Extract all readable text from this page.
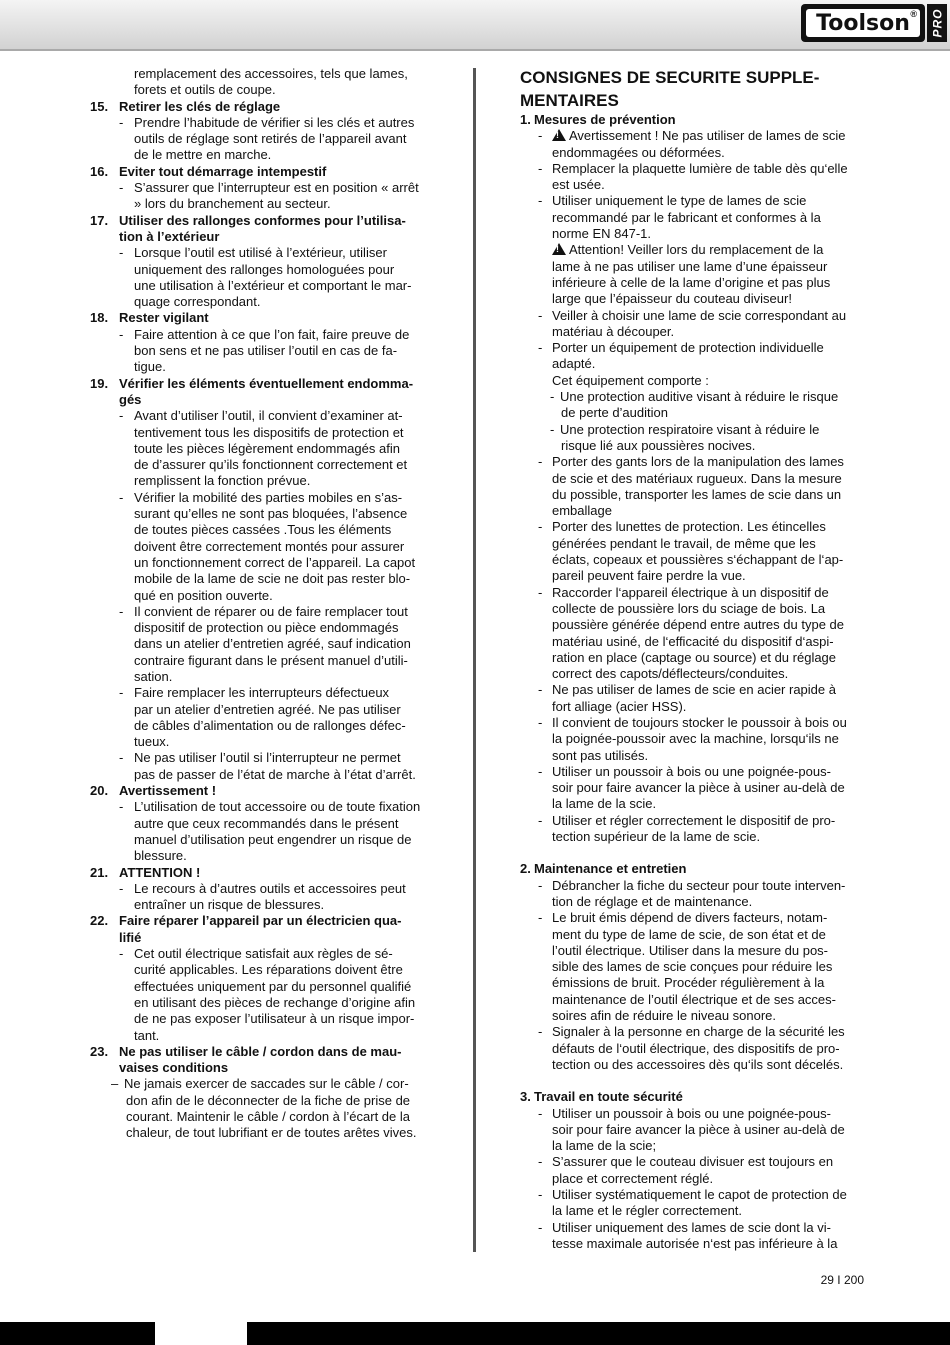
Toolson ® PRO
remplacement des accessoires, tels que lames,
forets et outils de coupe.
15. Retirer les clés de réglage
- Prendre l’habitude de vérifier si les clés et autres
outils de réglage sont retirés de l’appareil avant
de le mettre en marche.
16. Eviter tout démarrage intempestif
- S’assurer que l’interrupteur est en position « arrêt
» lors du branchement au secteur.
17. Utiliser des rallonges conformes pour l’utilisa-
tion à l’extérieur
- Lorsque l’outil est utilisé à l’extérieur, utiliser
uniquement des rallonges homologuées pour
une utilisation à l’extérieur et comportant le mar-
quage correspondant.
18. Rester vigilant
- Faire attention à ce que l’on fait, faire preuve de
bon sens et ne pas utiliser l’outil en cas de fa-
tigue.
19. Vérifier les éléments éventuellement endomma-
gés
- Avant d’utiliser l’outil, il convient d’examiner at-
tentivement tous les dispositifs de protection et
toute les pièces légèrement endommagés afin
de d’assurer qu’ils fonctionnent correctement et
remplissent la fonction prévue.
- Vérifier la mobilité des parties mobiles en s’as-
surant qu’elles ne sont pas bloquées, l’absence
de toutes pièces cassées .Tous les éléments
doivent être correctement montés pour assurer
un fonctionnement correct de l’appareil. La capot
mobile de la lame de scie ne doit pas rester blo-
qué en position ouverte.
- Il convient de réparer ou de faire remplacer tout
dispositif de protection ou pièce endommagés
dans un atelier d’entretien agréé, sauf indication
contraire figurant dans le présent manuel d’utili-
sation.
- Faire remplacer les interrupteurs défectueux
par un atelier d’entretien agréé. Ne pas utiliser
de câbles d’alimentation ou de rallonges défec-
tueux.
- Ne pas utiliser l’outil si l’interrupteur ne permet
pas de passer de l’état de marche à l’état d’arrêt.
20. Avertissement !
- L’utilisation de tout accessoire ou de toute fixation
autre que ceux recommandés dans le présent
manuel d’utilisation peut engendrer un risque de
blessure.
21. ATTENTION !
- Le recours à d’autres outils et accessoires peut
entraîner un risque de blessures.
22. Faire réparer l’appareil par un électricien qua-
lifié
- Cet outil électrique satisfait aux règles de sé-
curité applicables. Les réparations doivent être
effectuées uniquement par du personnel qualifié
en utilisant des pièces de rechange d’origine afin
de ne pas exposer l’utilisateur à un risque impor-
tant.
23. Ne pas utiliser le câble / cordon dans de mau-
vaises conditions
– Ne jamais exercer de saccades sur le câble / cor-
don afin de le déconnecter de la fiche de prise de
courant. Maintenir le câble / cordon à l’écart de la
chaleur, de tout lubrifiant er de toutes arêtes vives.
CONSIGNES DE SECURITE SUPPLE-
MENTAIRES
1. Mesures de prévention
-
!	Avertissement ! Ne pas utiliser de lames de scie
endommagées ou déformées.
- Remplacer la plaquette lumière de table dès qu‘elle
est usée.
- Utiliser uniquement le type de lames de scie
recommandé par le fabricant et conformes à la
norme EN 847-1.
!Attention! Veiller lors du remplacement de la
lame à ne pas utiliser une lame d’une épaisseur
inférieure à celle de la lame d’origine et pas plus
large que l’épaisseur du couteau diviseur!
- Veiller à choisir une lame de scie correspondant au
matériau à découper.
- Porter un équipement de protection individuelle
adapté.
Cet équipement comporte :
- Une protection auditive visant à réduire le risque
de perte d’audition
- Une protection respiratoire visant à réduire le
risque lié aux poussières nocives.
- Porter des gants lors de la manipulation des lames
de scie et des matériaux rugueux. Dans la mesure
du possible, transporter les lames de scie dans un
emballage
- Porter des lunettes de protection. Les étincelles
générées pendant le travail, de même que les
éclats, copeaux et poussières s‘échappant de l‘ap-
pareil peuvent faire perdre la vue.
- Raccorder l‘appareil électrique à un dispositif de
collecte de poussière lors du sciage de bois. La
poussière générée dépend entre autres du type de
matériau usiné, de l‘efficacité du dispositif d‘aspi-
ration en place (captage ou source) et du réglage
correct des capots/déflecteurs/conduites.
- Ne pas utiliser de lames de scie en acier rapide à
fort alliage (acier HSS).
- Il convient de toujours stocker le poussoir à bois ou
la poignée-poussoir avec la machine, lorsqu‘ils ne
sont pas utilisés.
- Utiliser un poussoir à bois ou une poignée-pous-
soir pour faire avancer la pièce à usiner au-delà de
la lame de la scie.
- Utiliser et régler correctement le dispositif de pro-
tection supérieur de la lame de scie.
2. Maintenance et entretien
- Débrancher la fiche du secteur pour toute interven-
tion de réglage et de maintenance.
- Le bruit émis dépend de divers facteurs, notam-
ment du type de lame de scie, de son état et de
l’outil électrique. Utiliser dans la mesure du pos-
sible des lames de scie conçues pour réduire les
émissions de bruit. Procéder régulièrement à la
maintenance de l’outil électrique et de ses acces-
soires afin de réduire le niveau sonore.
- Signaler à la personne en charge de la sécurité les
défauts de l‘outil électrique, des dispositifs de pro-
tection ou des accessoires dès qu‘ils sont décelés.
3. Travail en toute sécurité
- Utiliser un poussoir à bois ou une poignée-pous-
soir pour faire avancer la pièce à usiner au-delà de
la lame de la scie;
- S’assurer que le couteau divisuer est toujours en
place et correctement réglé.
- Utiliser systématiquement le capot de protection de
la lame et le régler correctement.
- Utiliser uniquement des lames de scie dont la vi-
tesse maximale autorisée n‘est pas inférieure à la
29 I 200
